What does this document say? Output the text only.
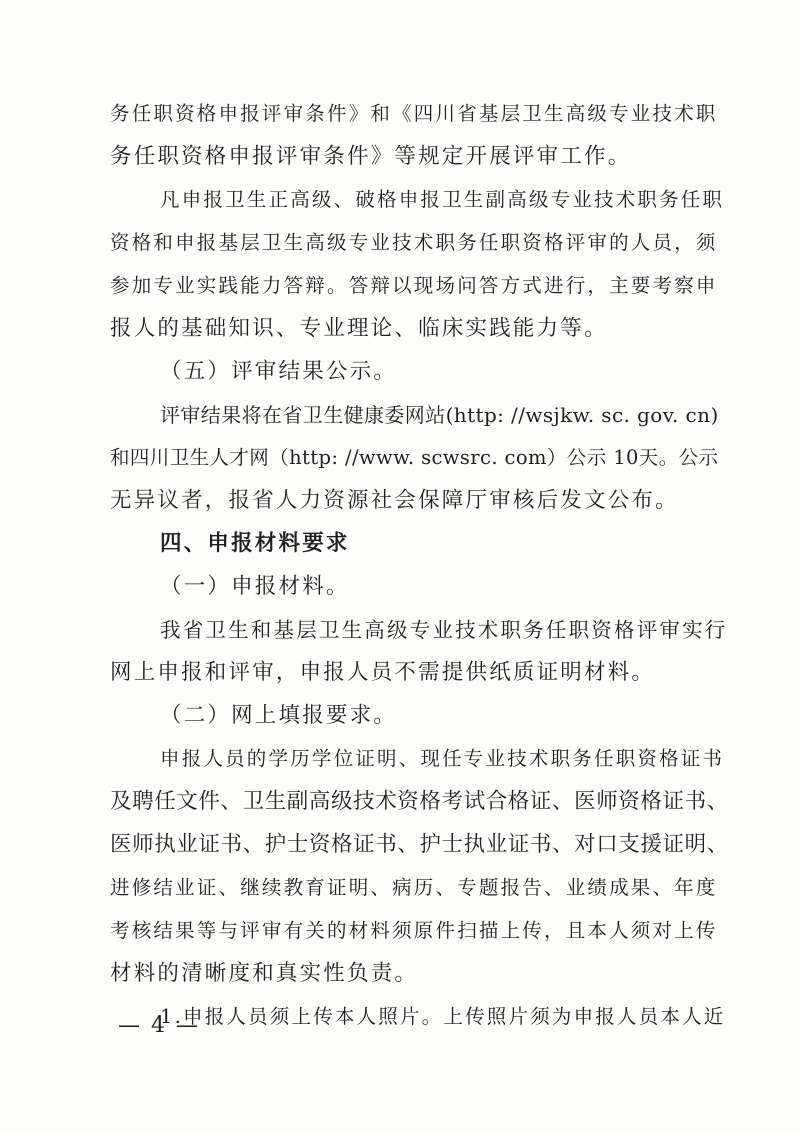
务任职资格申报评审条件》和《四川省基层卫生高级专业技术职
务任职资格申报评审条件》等规定开展评审工作。
凡申报卫生正高级、破格申报卫生副高级专业技术职务任职
资格和申报基层卫生高级专业技术职务任职资格评审的人员，须
参加专业实践能力答辩。答辩以现场问答方式进行，主要考察申
报人的基础知识、专业理论、临床实践能力等。
（五）评审结果公示。
评审结果将在省卫生健康委网站(http: //wsjkw. sc. gov. cn)
和四川卫生人才网（http: //www. scwsrc. com）公示 10天。公示
无异议者，报省人力资源社会保障厅审核后发文公布。
四、申报材料要求
（一）申报材料。
我省卫生和基层卫生高级专业技术职务任职资格评审实行
网上申报和评审，申报人员不需提供纸质证明材料。
（二）网上填报要求。
申报人员的学历学位证明、现任专业技术职务任职资格证书
及聘任文件、卫生副高级技术资格考试合格证、医师资格证书、
医师执业证书、护士资格证书、护士执业证书、对口支援证明、
进修结业证、继续教育证明、病历、专题报告、业绩成果、年度
考核结果等与评审有关的材料须原件扫描上传，且本人须对上传
材料的清晰度和真实性负责。
1.申报人员须上传本人照片。上传照片须为申报人员本人近
— 4 —
